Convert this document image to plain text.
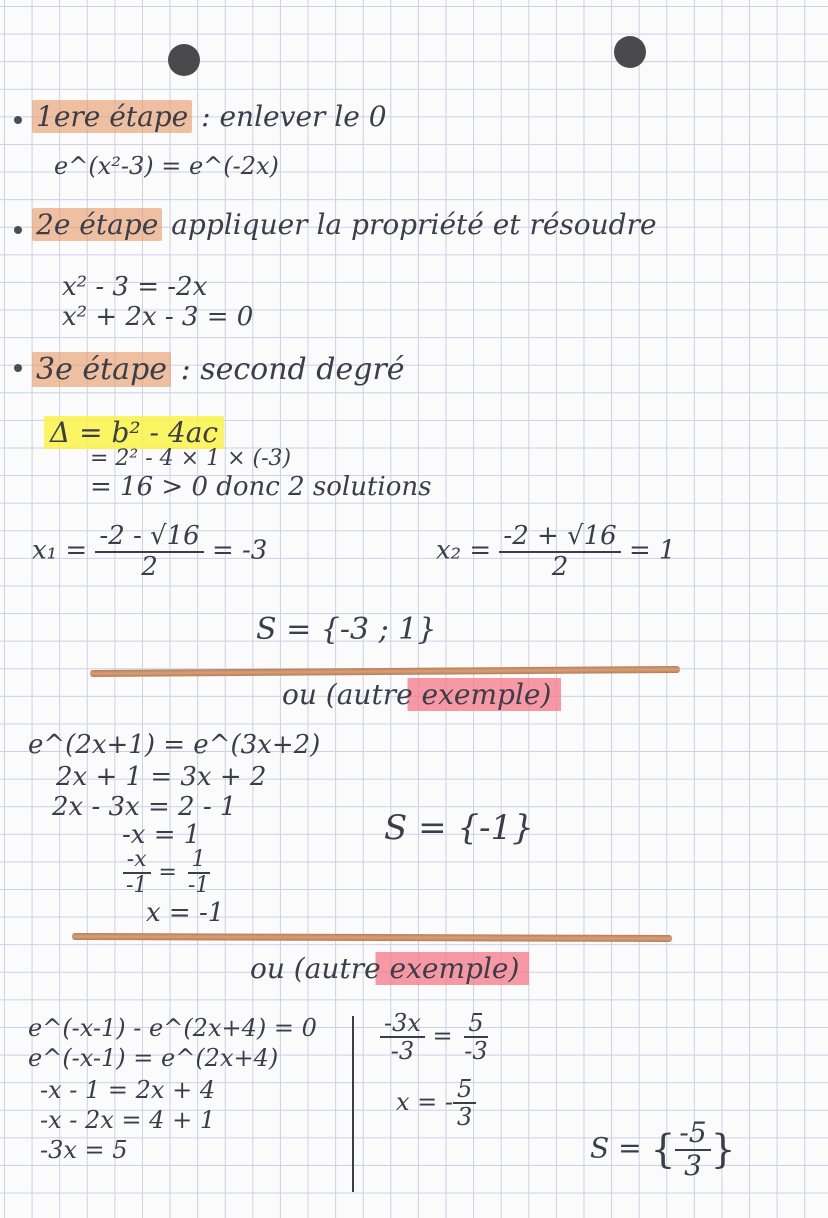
1ere étape : enlever le 0
e^(x²-3) = e^(-2x)
2e étape appliquer la propriété et résoudre
x² - 3 = -2x
x² + 2x - 3 = 0
3e étape : second degré
Δ = b² - 4ac
= 2² - 4 × 1 × (-3)
= 16 > 0 donc 2 solutions
$x_1 = \frac{-2 - √16}{2} = -3$	$x_2 = \frac{-2 + √16}{2} = 1$
S = {-3 ; 1}
ou (autre exemple)
e^(2x+1) = e^(3x+2)
2x + 1 = 3x + 2
2x - 3x = 2 - 1
-x = 1
$\frac{-x}{-1} = \frac{1}{-1}$
x = -1
S = {-1}
ou (autre exemple)
e^(-x-1) - e^(2x+4) = 0
e^(-x-1) = e^(2x+4)
-x - 1 = 2x + 4
-x - 2x = 4 + 1
-3x = 5
$\frac{-3x}{-3} = \frac{5}{-3}$
x = - $\frac{5}{3}$
S = { $\frac{-5}{3}$ }
